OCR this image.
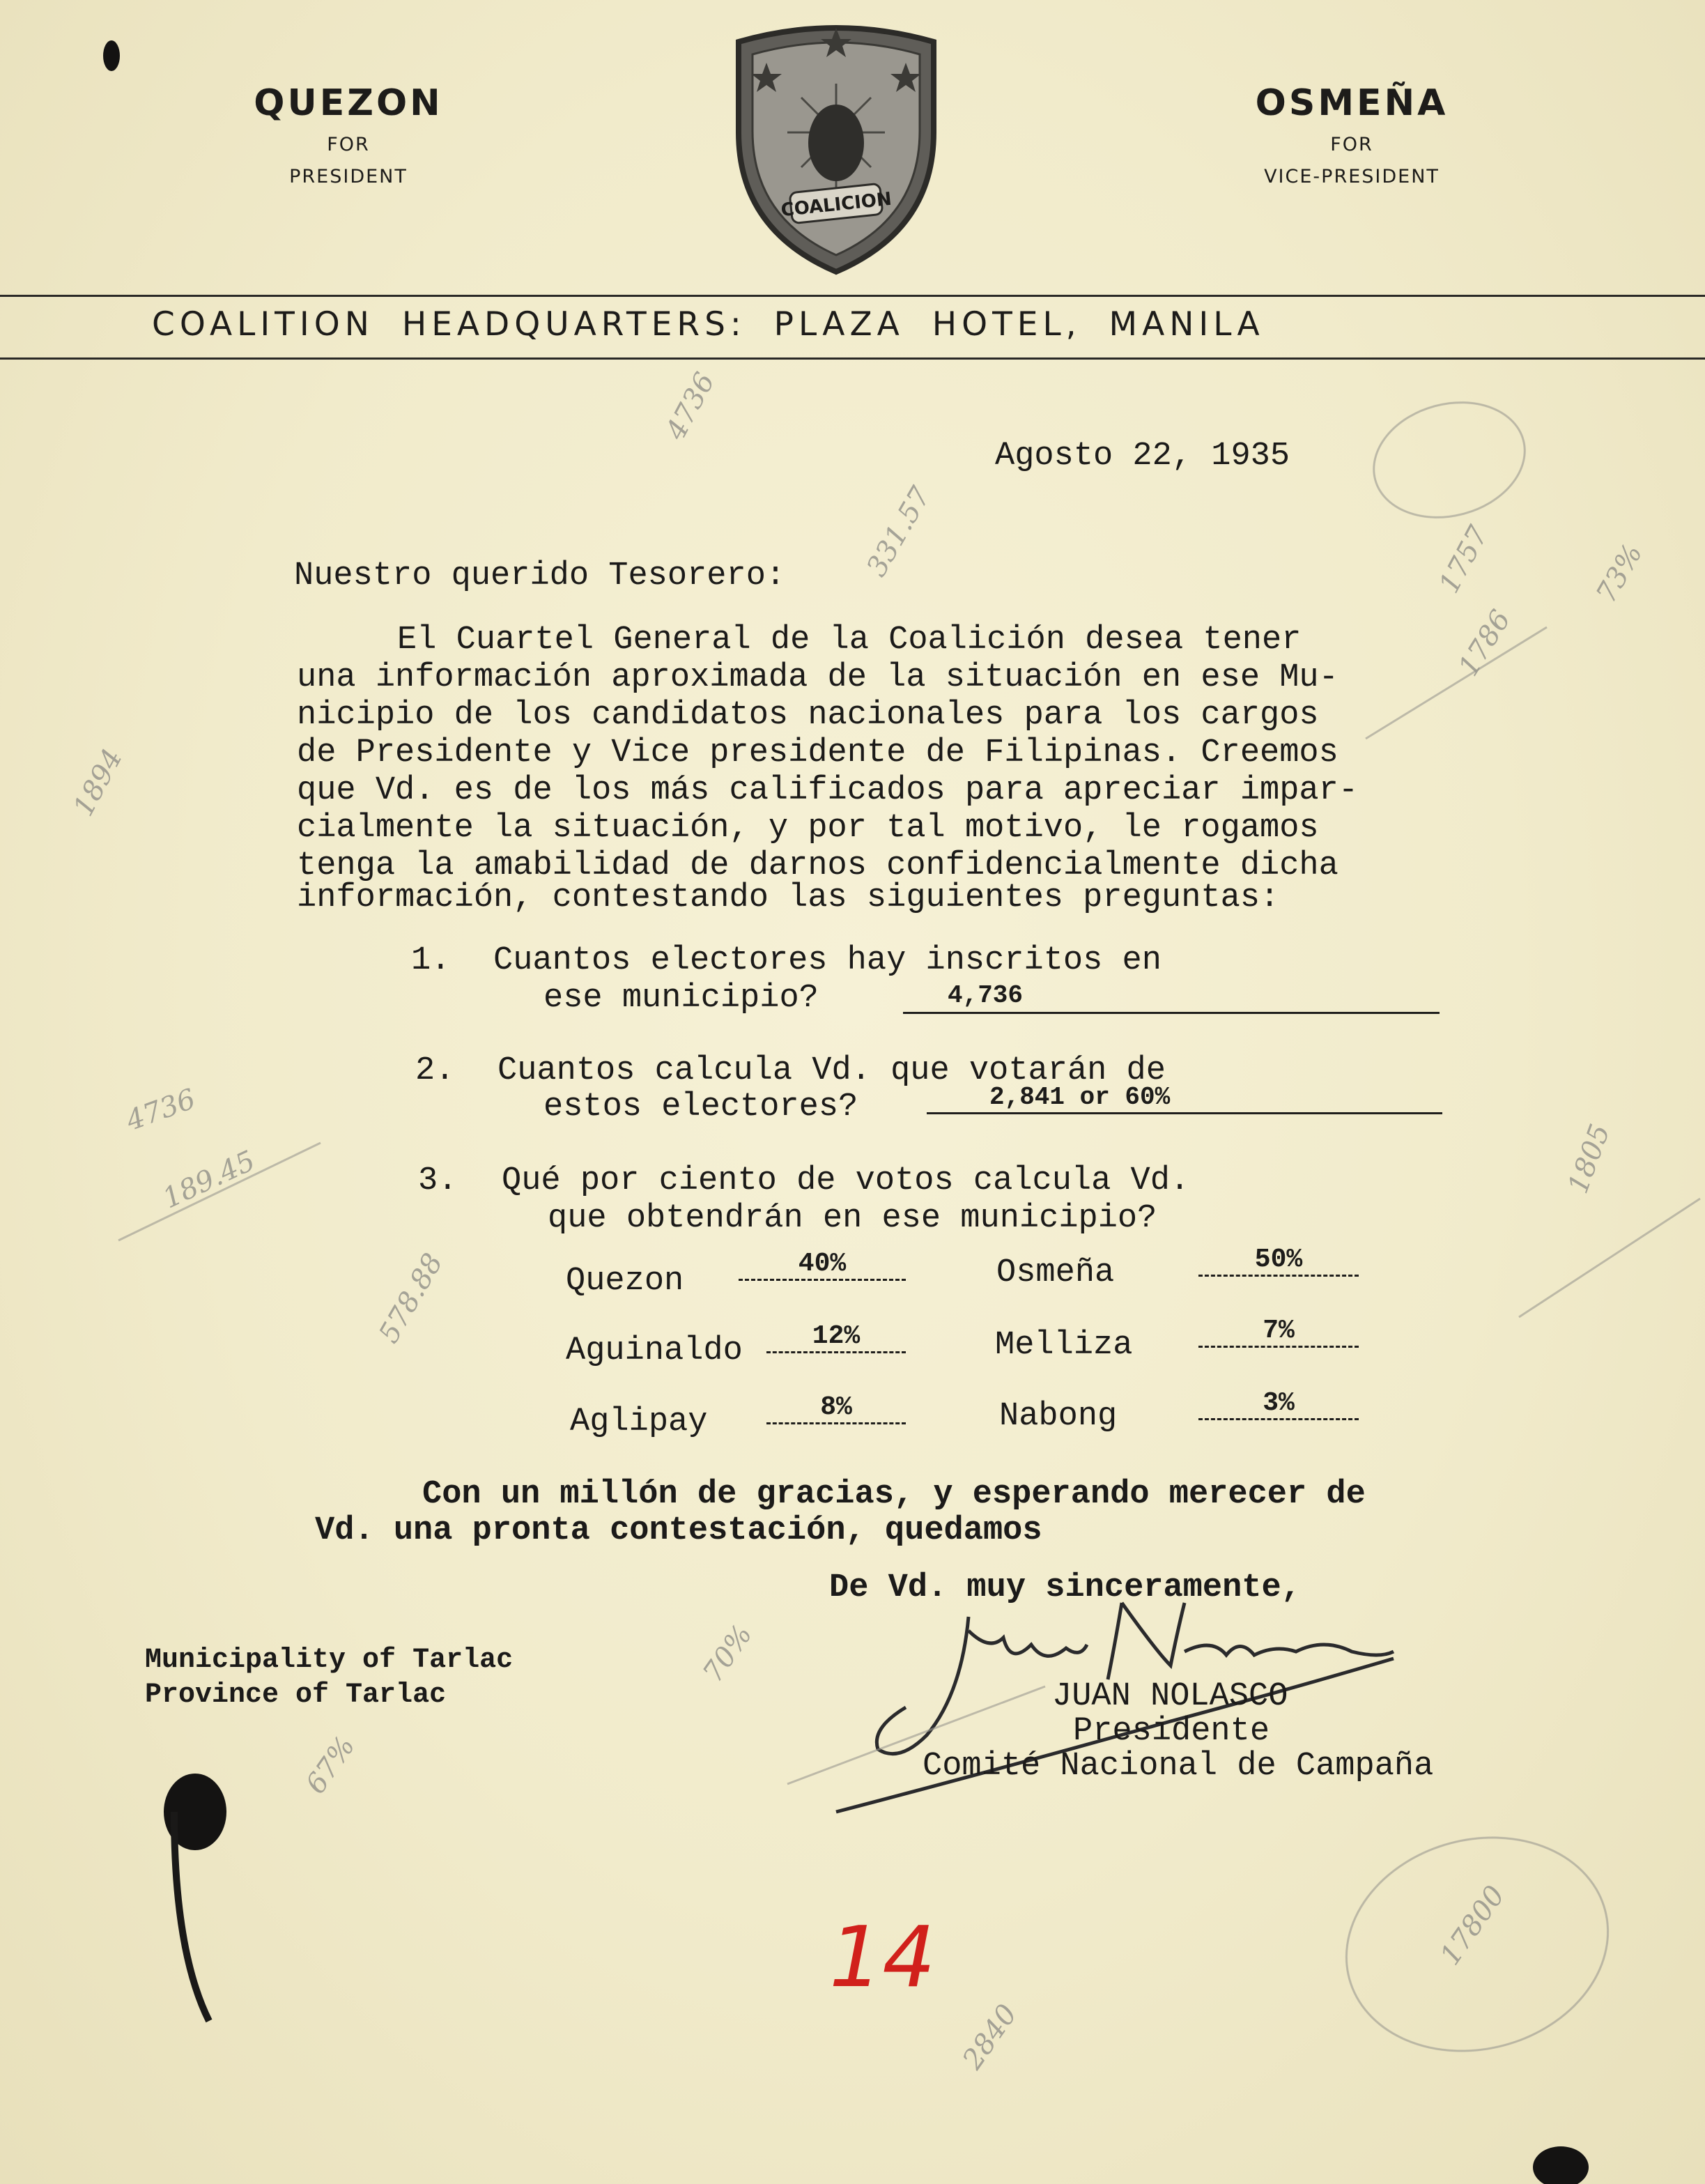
QUEZON
FOR
PRESIDENT
OSMEÑA
FOR
VICE-PRESIDENT
COALICION
COALITION HEADQUARTERS: PLAZA HOTEL, MANILA
Agosto 22, 1935
Nuestro querido Tesorero:
El Cuartel General de la Coalición desea tener
una información aproximada de la situación en ese Mu-
nicipio de los candidatos nacionales para los cargos
de Presidente y Vice presidente de Filipinas. Creemos
que Vd. es de los más calificados para apreciar impar-
cialmente la situación, y por tal motivo, le rogamos
tenga la amabilidad de darnos confidencialmente dicha
información, contestando las siguientes preguntas:
1. Cuantos electores hay inscritos en
ese municipio?	4,736
2. Cuantos calcula Vd. que votarán de
estos electores?	2,841 or 60%
3. Qué por ciento de votos calcula Vd.
que obtendrán en ese municipio?
Quezon	40%	Osmeña	50%
Aguinaldo	12%	Melliza	7%
Aglipay	8%	Nabong	3%
Con un millón de gracias, y esperando merecer de
Vd. una pronta contestación, quedamos
De Vd. muy sinceramente,
JUAN NOLASCO
Presidente
Comité Nacional de Campaña
Municipality of Tarlac
Province of Tarlac
4736
331.57
1786
1757	73%
1894
4736
189.45
578.88
67%
70%
1805
17800
2840
14
